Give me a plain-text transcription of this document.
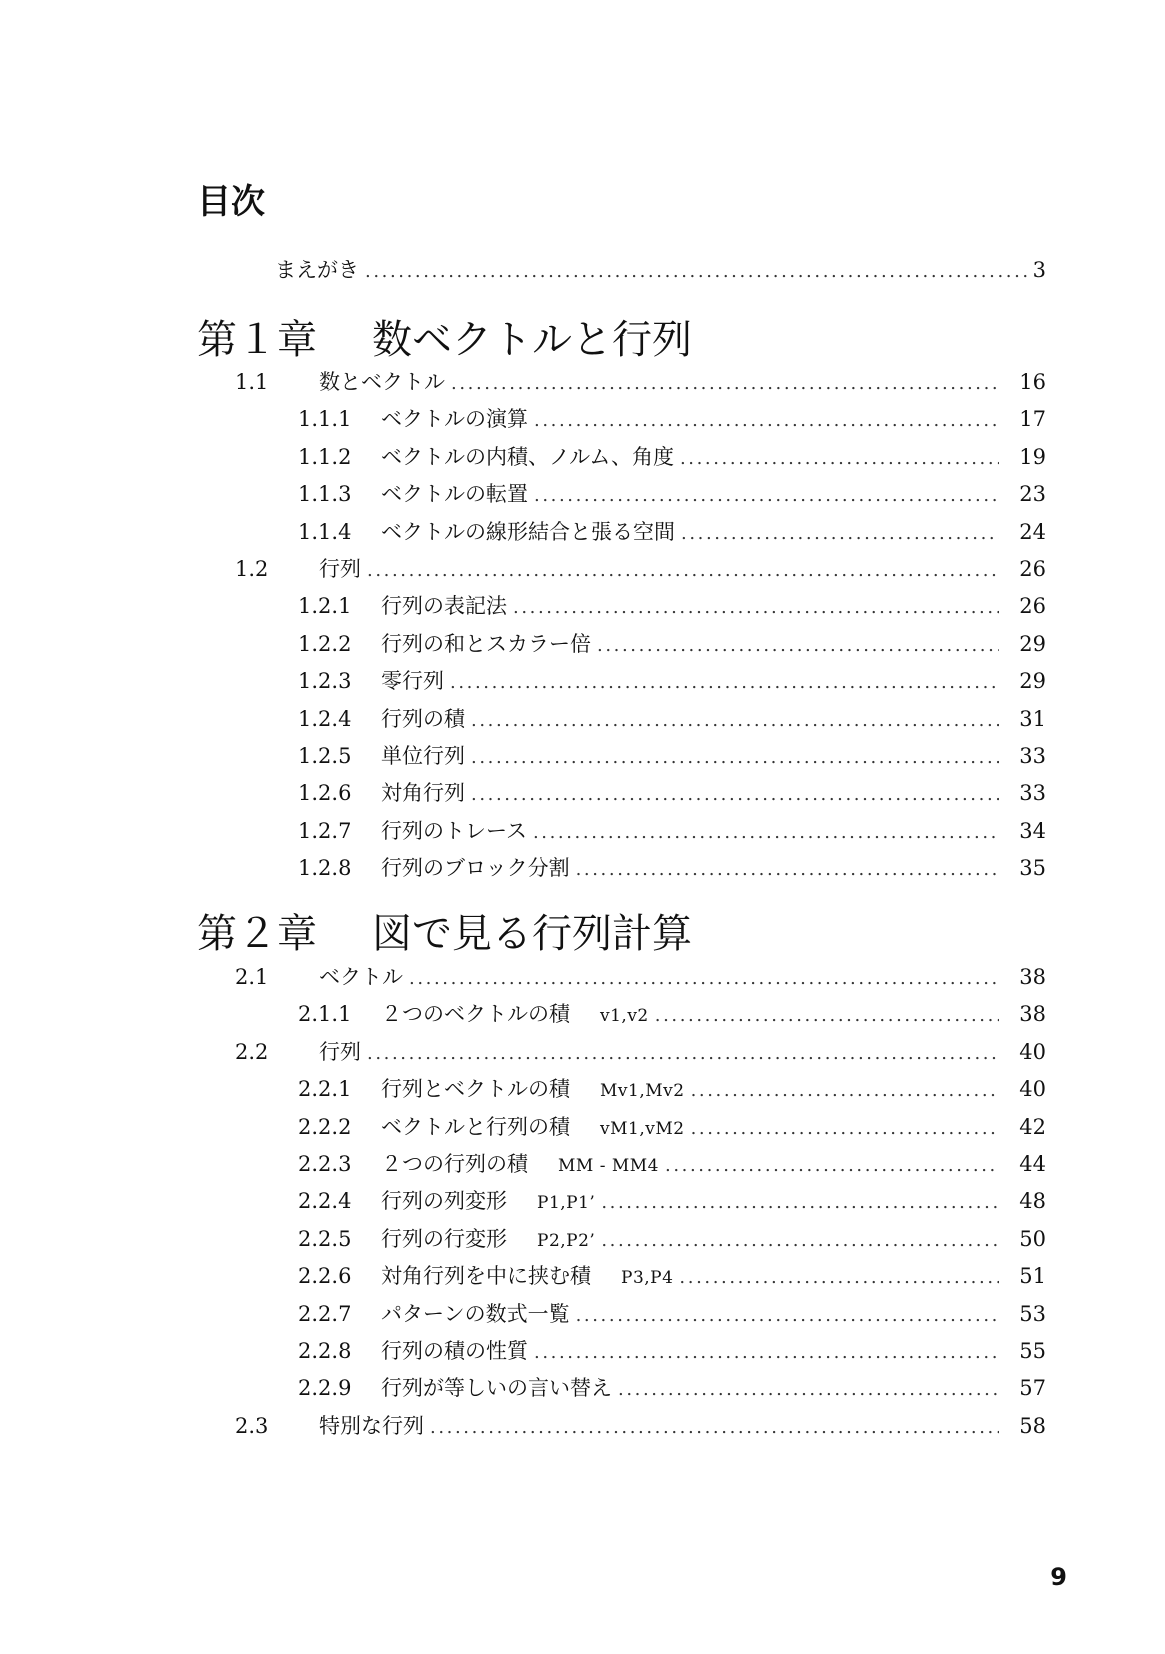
目次
まえがき .....	3
第１章 数ベクトルと行列
1.1 数とベクトル .....	16
1.1.1 ベクトルの演算 .....	17
1.1.2 ベクトルの内積、ノルム、角度 .....	19
1.1.3 ベクトルの転置 .....	23
1.1.4 ベクトルの線形結合と張る空間 .....	24
1.2 行列 .....	26
1.2.1 行列の表記法 .....	26
1.2.2 行列の和とスカラー倍 .....	29
1.2.3 零行列 .....	29
1.2.4 行列の積 .....	31
1.2.5 単位行列 .....	33
1.2.6 対角行列 .....	33
1.2.7 行列のトレース .....	34
1.2.8 行列のブロック分割 .....	35
第２章 図で見る行列計算
2.1 ベクトル .....	38
2.1.1 ２つのベクトルの積 v1,v2 .....	38
2.2 行列 .....	40
2.2.1 行列とベクトルの積 Mv1,Mv2 .....	40
2.2.2 ベクトルと行列の積 vM1,vM2 .....	42
2.2.3 ２つの行列の積 MM - MM4 .....	44
2.2.4 行列の列変形 P1,P1’ .....	48
2.2.5 行列の行変形 P2,P2’ .....	50
2.2.6 対角行列を中に挟む積 P3,P4 .....	51
2.2.7 パターンの数式一覧 .....	53
2.2.8 行列の積の性質 .....	55
2.2.9 行列が等しいの言い替え .....	57
2.3 特別な行列 .....	58
9
